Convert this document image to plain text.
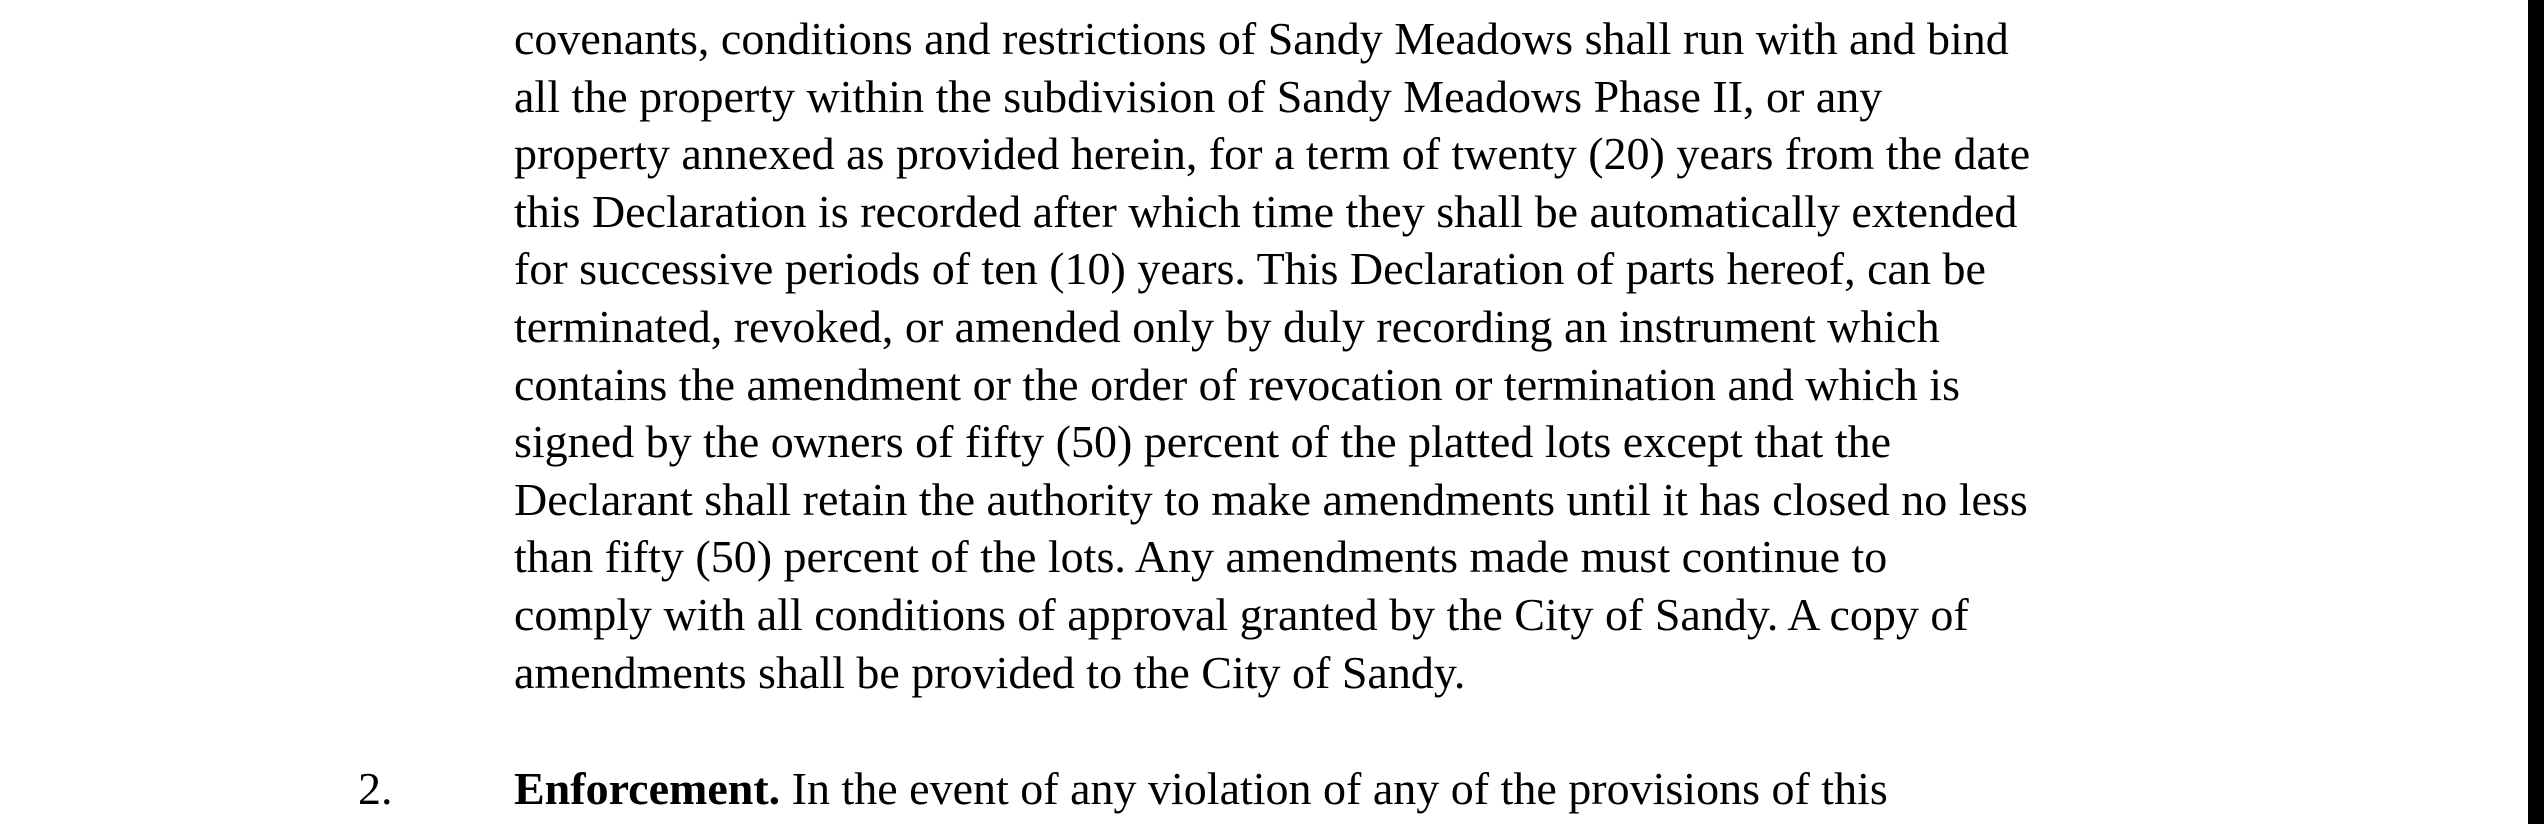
covenants, conditions and restrictions of Sandy Meadows shall run with and bind
all the property within the subdivision of Sandy Meadows Phase II, or any
property annexed as provided herein, for a term of twenty (20) years from the date
this Declaration is recorded after which time they shall be automatically extended
for successive periods of ten (10) years. This Declaration of parts hereof, can be
terminated, revoked, or amended only by duly recording an instrument which
contains the amendment or the order of revocation or termination and which is
signed by the owners of fifty (50) percent of the platted lots except that the
Declarant shall retain the authority to make amendments until it has closed no less
than fifty (50) percent of the lots. Any amendments made must continue to
comply with all conditions of approval granted by the City of Sandy. A copy of
amendments shall be provided to the City of Sandy.
2.	Enforcement. In the event of any violation of any of the provisions of this
